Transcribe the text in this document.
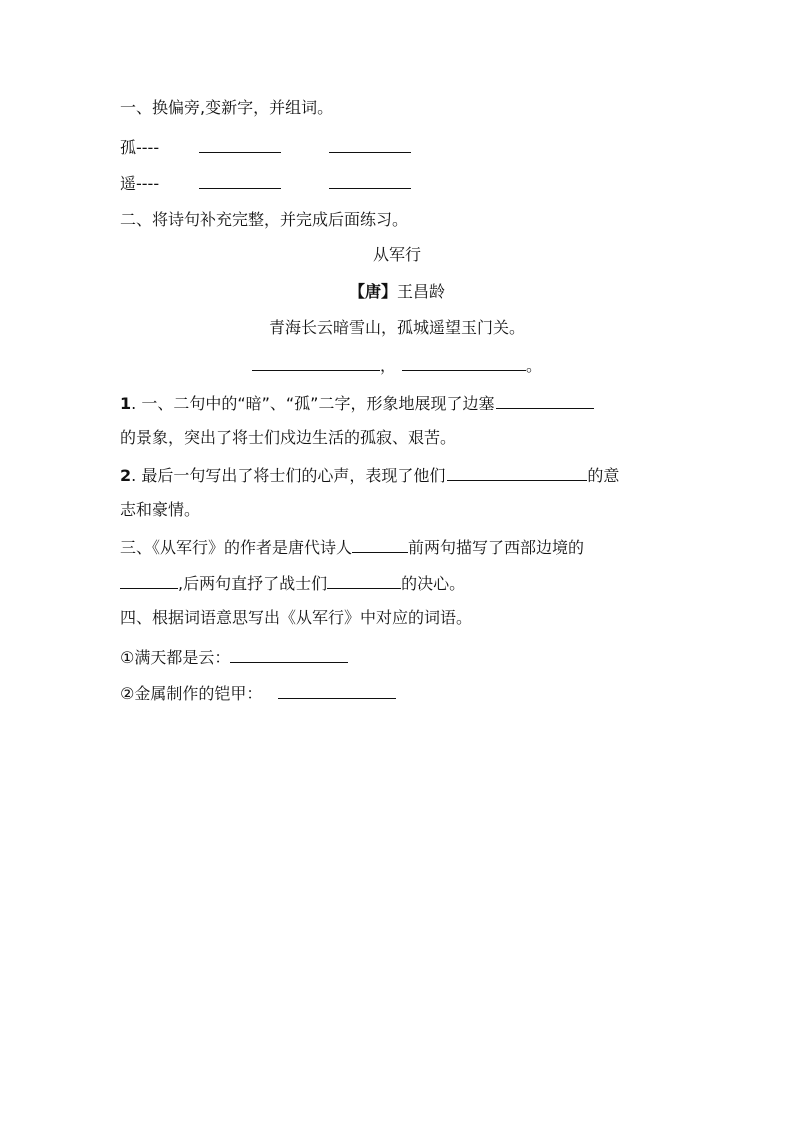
一、换偏旁,变新字，并组词。
孤----
遥----
二、将诗句补充完整，并完成后面练习。
从军行
【唐】王昌龄
青海长云暗雪山，孤城遥望玉门关。
，	。
1. 一、二句中的“暗”、“孤”二字，形象地展现了边塞
的景象，突出了将士们戍边生活的孤寂、艰苦。
2. 最后一句写出了将士们的心声，表现了他们	的意
志和豪情。
三、《从军行》的作者是唐代诗人	前两句描写了西部边境的
,后两句直抒了战士们	的决心。
四、根据词语意思写出《从军行》中对应的词语。
①满天都是云：
②金属制作的铠甲：
